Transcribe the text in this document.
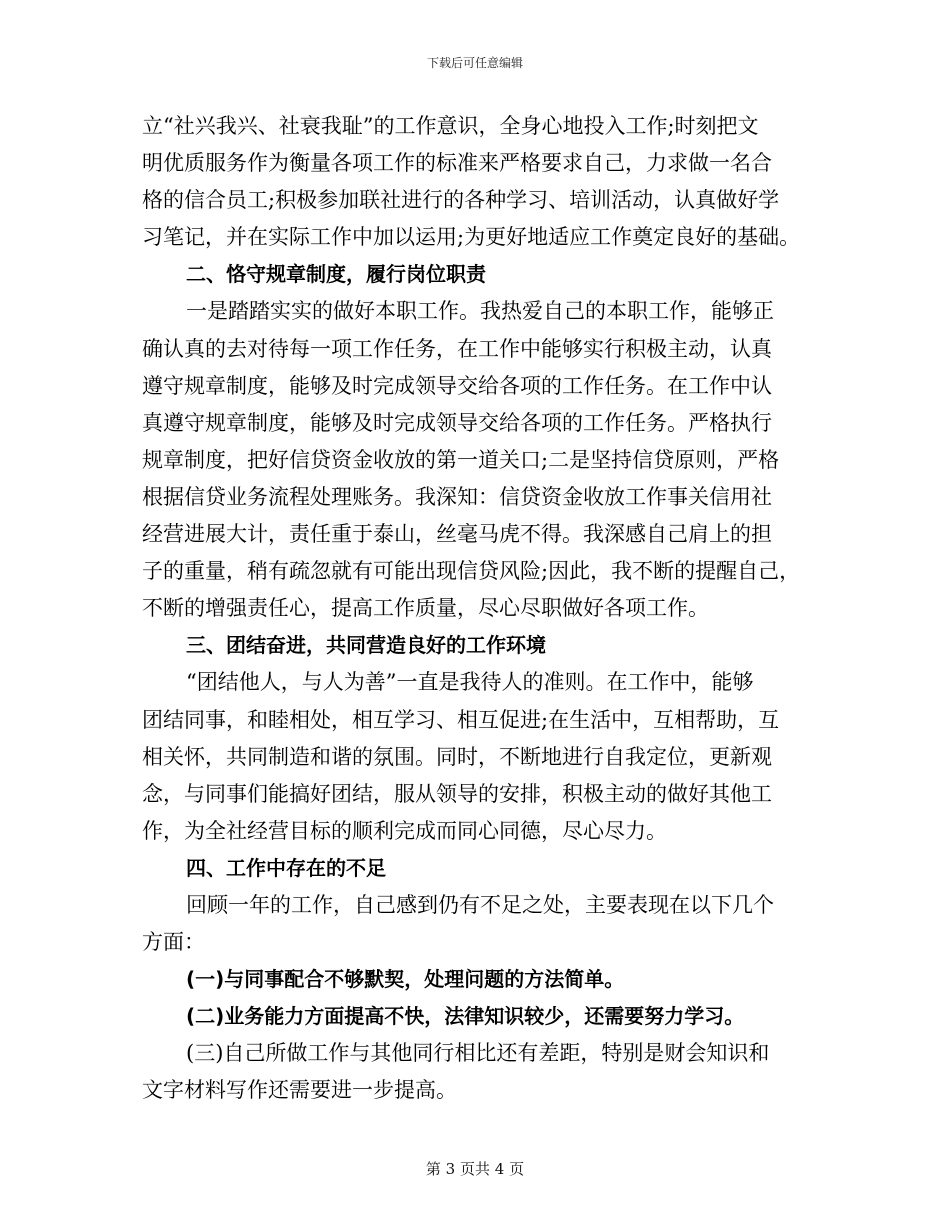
下载后可任意编辑
立“社兴我兴、社衰我耻”的工作意识，全身心地投入工作;时刻把文
明优质服务作为衡量各项工作的标准来严格要求自己，力求做一名合
格的信合员工;积极参加联社进行的各种学习、培训活动，认真做好学
习笔记，并在实际工作中加以运用;为更好地适应工作奠定良好的基础。
二、恪守规章制度，履行岗位职责
一是踏踏实实的做好本职工作。我热爱自己的本职工作，能够正
确认真的去对待每一项工作任务，在工作中能够实行积极主动，认真
遵守规章制度，能够及时完成领导交给各项的工作任务。在工作中认
真遵守规章制度，能够及时完成领导交给各项的工作任务。严格执行
规章制度，把好信贷资金收放的第一道关口;二是坚持信贷原则，严格
根据信贷业务流程处理账务。我深知：信贷资金收放工作事关信用社
经营进展大计，责任重于泰山，丝毫马虎不得。我深感自己肩上的担
子的重量，稍有疏忽就有可能出现信贷风险;因此，我不断的提醒自己，
不断的增强责任心，提高工作质量，尽心尽职做好各项工作。
三、团结奋进，共同营造良好的工作环境
“团结他人，与人为善”一直是我待人的准则。在工作中，能够
团结同事，和睦相处，相互学习、相互促进;在生活中，互相帮助，互
相关怀，共同制造和谐的氛围。同时，不断地进行自我定位，更新观
念，与同事们能搞好团结，服从领导的安排，积极主动的做好其他工
作，为全社经营目标的顺利完成而同心同德，尽心尽力。
四、工作中存在的不足
回顾一年的工作，自己感到仍有不足之处，主要表现在以下几个
方面：
(一)与同事配合不够默契，处理问题的方法简单。
(二)业务能力方面提高不快，法律知识较少，还需要努力学习。
(三)自己所做工作与其他同行相比还有差距，特别是财会知识和
文字材料写作还需要进一步提高。
第 3 页共 4 页
